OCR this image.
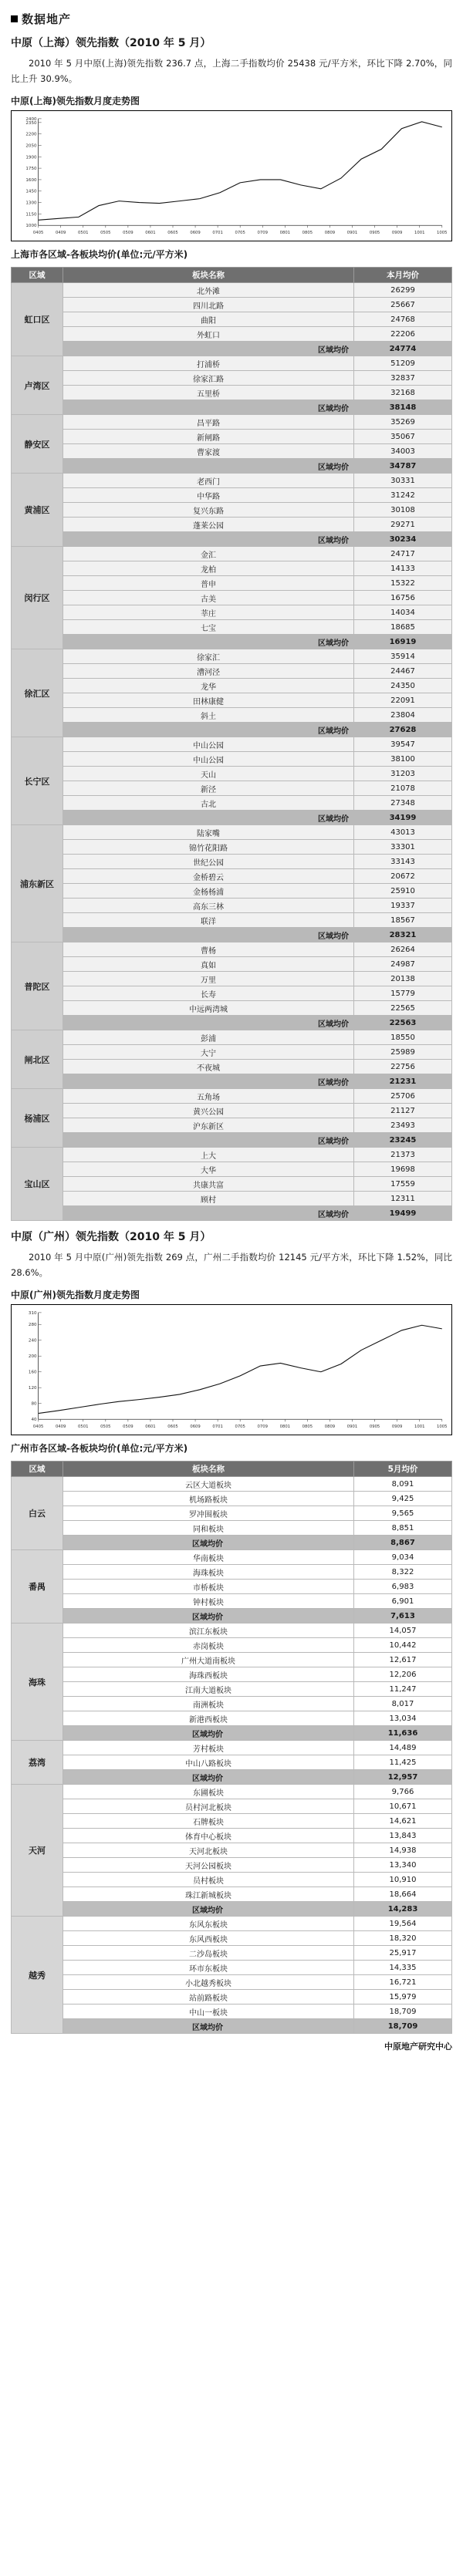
数据地产
中原（上海）领先指数（2010 年 5 月）
2010 年 5 月中原(上海)领先指数 236.7 点，上海二手指数均价 25438 元/平方米，环比下降 2.70%，同比上升 30.9%。
中原(上海)领先指数月度走势图
1000
1150
1300
1450
1600
1750
1900
2050
2200
2350
2400
0405	0409	0501	0505	0509	0601	0605	0609	0701	0705	0709	0801	0805	0809	0901	0905	0909	1001	1005
上海市各区域-各板块均价(单位:元/平方米)
区域	板块名称	本月均价
虹口区	北外滩	26299
	四川北路	25667
	曲阳	24768
	外虹口	22206
	区域均价	24774
卢湾区	打浦桥	51209
	徐家汇路	32837
	五里桥	32168
	区域均价	38148
静安区	昌平路	35269
	新闸路	35067
	曹家渡	34003
	区域均价	34787
黄浦区	老西门	30331
	中华路	31242
	复兴东路	30108
	蓬莱公园	29271
	区域均价	30234
闵行区	金汇	24717
	龙柏	14133
	普申	15322
	古美	16756
	莘庄	14034
	七宝	18685
	区域均价	16919
徐汇区	徐家汇	35914
	漕河泾	24467
	龙华	24350
	田林康健	22091
	斜土	23804
	区域均价	27628
长宁区	中山公园	39547
	中山公园	38100
	天山	31203
	新泾	21078
	古北	27348
	区域均价	34199
浦东新区	陆家嘴	43013
	锦竹花阳路	33301
	世纪公园	33143
	金桥碧云	20672
	金杨杨浦	25910
	高东三林	19337
	联洋	18567
	区域均价	28321
普陀区	曹杨	26264
	真如	24987
	万里	20138
	长寿	15779
	中远两湾城	22565
	区域均价	22563
闸北区	彭浦	18550
	大宁	25989
	不夜城	22756
	区域均价	21231
杨浦区	五角场	25706
	黄兴公园	21127
	沪东新区	23493
	区域均价	23245
宝山区	上大	21373
	大华	19698
	共康共富	17559
	顾村	12311
	区域均价	19499
中原（广州）领先指数（2010 年 5 月）
2010 年 5 月中原(广州)领先指数 269 点，广州二手指数均价 12145 元/平方米，环比下降 1.52%，同比 28.6%。
中原(广州)领先指数月度走势图
40
80
120
160
200
240
280
310
0405	0409	0501	0505	0509	0601	0605	0609	0701	0705	0709	0801	0805	0809	0901	0905	0909	1001	1005
广州市各区域-各板块均价(单位:元/平方米)
区域	板块名称	5月均价
白云	云区大道板块	8,091
	机场路板块	9,425
	罗冲围板块	9,565
	同和板块	8,851
	区域均价	8,867
番禺	华南板块	9,034
	海珠板块	8,322
	市桥板块	6,983
	钟村板块	6,901
	区域均价	7,613
海珠	滨江东板块	14,057
	赤岗板块	10,442
	广州大道南板块	12,617
	海珠西板块	12,206
	江南大道板块	11,247
	南洲板块	8,017
	新港西板块	13,034
	区域均价	11,636
荔湾	芳村板块	14,489
	中山八路板块	11,425
	区域均价	12,957
天河	东圃板块	9,766
	员村河北板块	10,671
	石牌板块	14,621
	体育中心板块	13,843
	天河北板块	14,938
	天河公园板块	13,340
	员村板块	10,910
	珠江新城板块	18,664
	区域均价	14,283
越秀	东风东板块	19,564
	东风西板块	18,320
	二沙岛板块	25,917
	环市东板块	14,335
	小北越秀板块	16,721
	站前路板块	15,979
	中山一板块	18,709
	区域均价	18,709
中原地产研究中心
